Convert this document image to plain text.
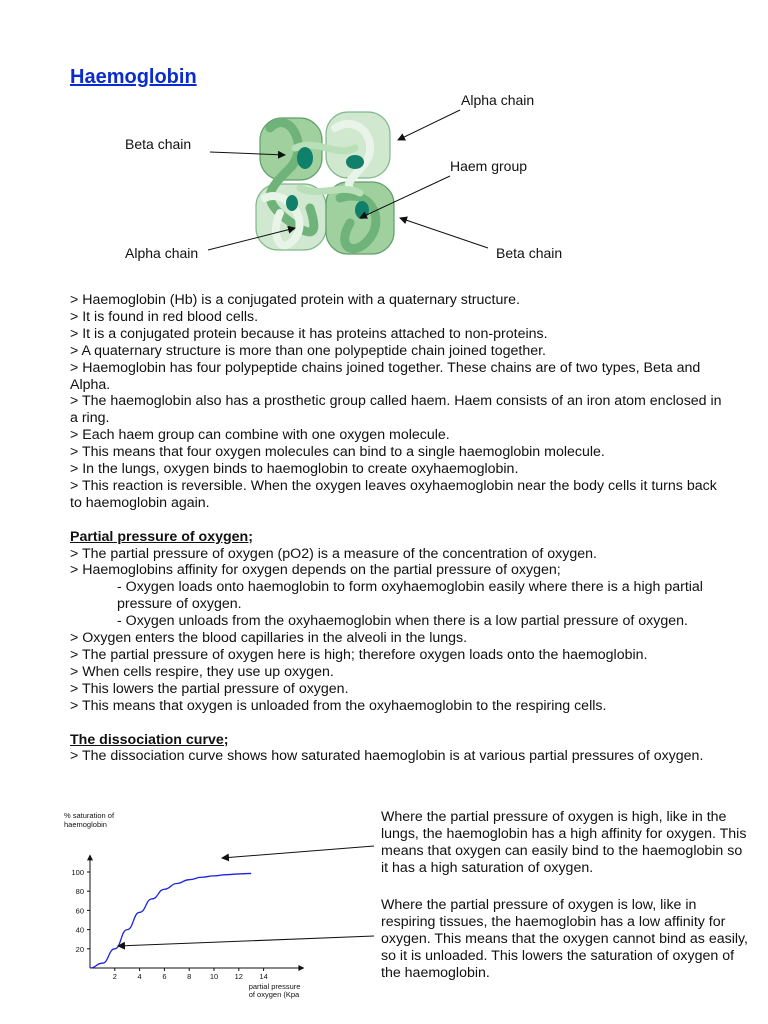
Haemoglobin
Alpha chain
Beta chain
Haem group
Alpha chain	Beta chain

> Haemoglobin (Hb) is a conjugated protein with a quaternary structure.

> It is found in red blood cells.

> It is a conjugated protein because it has proteins attached to non-proteins.

> A quaternary structure is more than one polypeptide chain joined together.

> Haemoglobin has four polypeptide chains joined together. These chains are of two types, Beta and Alpha.

> The haemoglobin also has a prosthetic group called haem. Haem consists of an iron atom enclosed in a ring.

> Each haem group can combine with one oxygen molecule.

> This means that four oxygen molecules can bind to a single haemoglobin molecule.

> In the lungs, oxygen binds to haemoglobin to create oxyhaemoglobin.

> This reaction is reversible. When the oxygen leaves oxyhaemoglobin near the body cells it turns back to haemoglobin again.

Partial pressure of oxygen;

> The partial pressure of oxygen (pO2) is a measure of the concentration of oxygen.

> Haemoglobins affinity for oxygen depends on the partial pressure of oxygen;

- Oxygen loads onto haemoglobin to form oxyhaemoglobin easily where there is a high partial pressure of oxygen.

- Oxygen unloads from the oxyhaemoglobin when there is a low partial pressure of oxygen.

> Oxygen enters the blood capillaries in the alveoli in the lungs.

> The partial pressure of oxygen here is high; therefore oxygen loads onto the haemoglobin.

> When cells respire, they use up oxygen.

> This lowers the partial pressure of oxygen.

> This means that oxygen is unloaded from the oxyhaemoglobin to the respiring cells.

The dissociation curve;

> The dissociation curve shows how saturated haemoglobin is at various partial pressures of oxygen.

Where the partial pressure of oxygen is high, like in the lungs, the haemoglobin has a high affinity for oxygen. This means that oxygen can easily bind to the haemoglobin so it has a high saturation of oxygen.
Where the partial pressure of oxygen is low, like in respiring tissues, the haemoglobin has a low affinity for oxygen. This means that the oxygen cannot bind as easily, so it is unloaded. This lowers the saturation of oxygen of the haemoglobin.
2	4	6	8 10 12 14
20
40
60
80
100
% saturation of
haemoglobin
partial pressure
of oxygen (Kpa
